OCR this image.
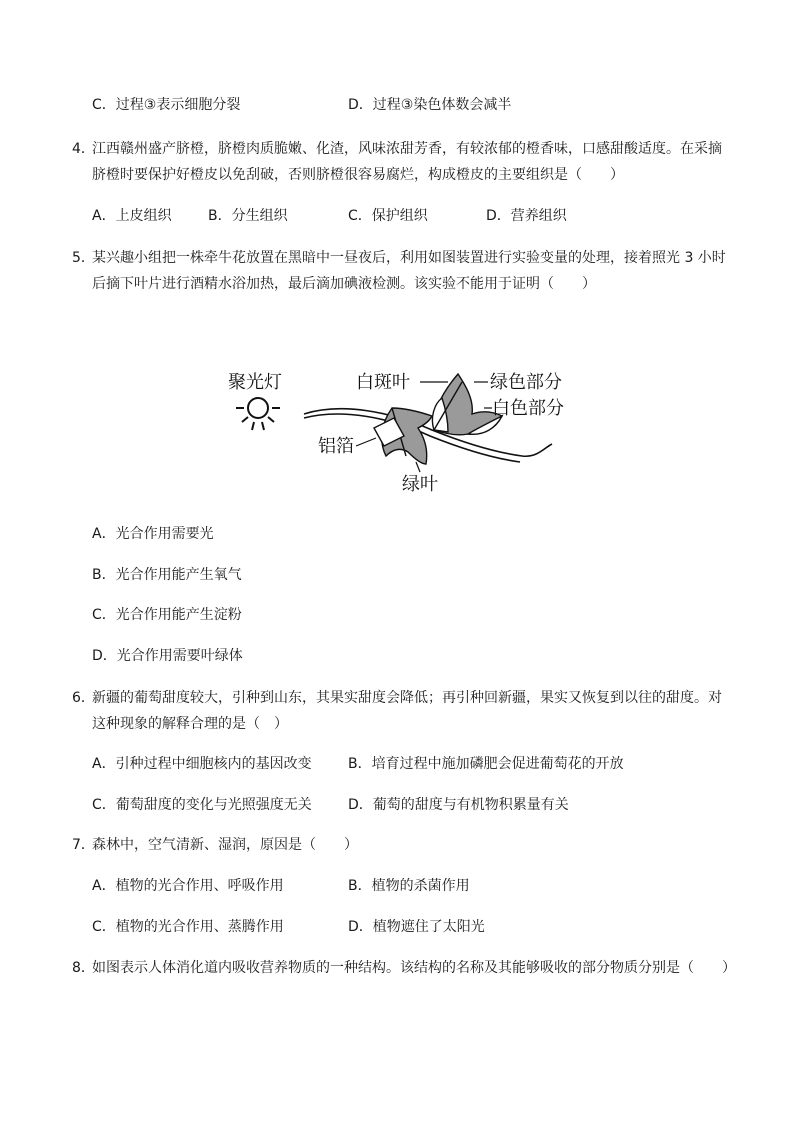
C．过程③表示细胞分裂	D．过程③染色体数会减半
4．
江西赣州盛产脐橙，脐橙肉质脆嫩、化渣，风味浓甜芳香，有较浓郁的橙香味，口感甜酸适度。在采摘
脐橙时要保护好橙皮以免刮破，否则脐橙很容易腐烂，构成橙皮的主要组织是（　　）
A．上皮组织	B．分生组织	C．保护组织	D．营养组织
5．
某兴趣小组把一株牵牛花放置在黑暗中一昼夜后，利用如图装置进行实验变量的处理，接着照光 3 小时
后摘下叶片进行酒精水浴加热，最后滴加碘液检测。该实验不能用于证明（　　）
聚光灯	白斑叶	绿色部分
白色部分
铝箔
绿叶
A．光合作用需要光
B．光合作用能产生氧气
C．光合作用能产生淀粉
D．光合作用需要叶绿体
6．
新疆的葡萄甜度较大，引种到山东，其果实甜度会降低；再引种回新疆，果实又恢复到以往的甜度。对
这种现象的解释合理的是（　）
A．引种过程中细胞核内的基因改变	B．培育过程中施加磷肥会促进葡萄花的开放
C．葡萄甜度的变化与光照强度无关	D．葡萄的甜度与有机物积累量有关
7．
森林中，空气清新、湿润，原因是（　　）
A．植物的光合作用、呼吸作用	B．植物的杀菌作用
C．植物的光合作用、蒸腾作用	D．植物遮住了太阳光
8．
如图表示人体消化道内吸收营养物质的一种结构。该结构的名称及其能够吸收的部分物质分别是（　　）
